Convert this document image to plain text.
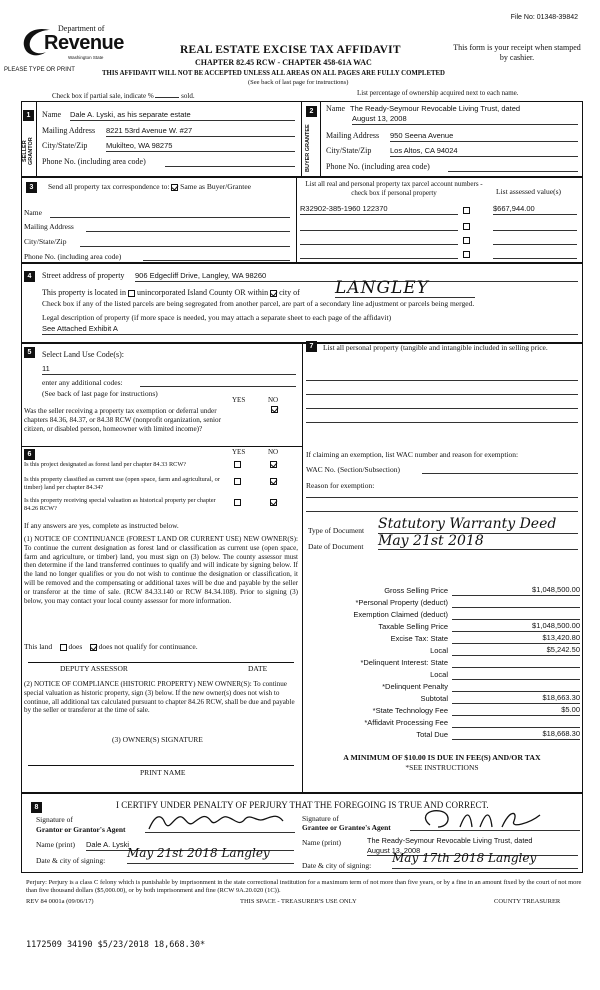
File No: 01348-39842
Department of
Revenue
Washington State
PLEASE TYPE OR PRINT
REAL ESTATE EXCISE TAX AFFIDAVIT
CHAPTER 82.45 RCW - CHAPTER 458-61A WAC
This form is your receipt when stamped by cashier.
THIS AFFIDAVIT WILL NOT BE ACCEPTED UNLESS ALL AREAS ON ALL PAGES ARE FULLY COMPLETED
(See back of last page for instructions)
Check box if partial sale, indicate %	sold.	List percentage of ownership acquired next to each name.
1
SELLER GRANTOR
2
BUYER GRANTEE
Name Dale A. Lyski, as his separate estate
Mailing Address 8221 53rd Avenue W. #27
City/State/Zip Mukilteo, WA 98275
Phone No. (including area code)
Name The Ready-Seymour Revocable Living Trust, dated
August 13, 2008
Mailing Address 950 Seena Avenue
City/State/Zip Los Altos, CA 94024
Phone No. (including area code)
3	Send all property tax correspondence to: Same as Buyer/Grantee
Name
Mailing Address
City/State/Zip
Phone No. (including area code)
List all real and personal property tax parcel account numbers - check box if personal property	List assessed value(s)
R32902-385-1960 122370	$667,944.00
4	Street address of property 906 Edgecliff Drive, Langley, WA 98260
This property is located in unincorporated Island County OR within city of LANGLEY
Check box if any of the listed parcels are being segregated from another parcel, are part of a secondary line adjustment or parcels being merged.
Legal description of property (if more space is needed, you may attach a separate sheet to each page of the affidavit)
See Attached Exhibit A
5	Select Land Use Code(s):
11
enter any additional codes:
(See back of last page for instructions)
YES	NO
Was the seller receiving a property tax exemption or deferral under chapters 84.36, 84.37, or 84.38 RCW (nonprofit organization, senior citizen, or disabled person, homeowner with limited income)?
6	YES	NO
Is this project designated as forest land per chapter 84.33 RCW?
Is this property classified as current use (open space, farm and agricultural, or timber) land per chapter 84.34?
Is this property receiving special valuation as historical property per chapter 84.26 RCW?
If any answers are yes, complete as instructed below.
(1) NOTICE OF CONTINUANCE (FOREST LAND OR CURRENT USE) NEW OWNER(S): To continue the current designation as forest land or classification as current use (open space, farm and agriculture, or timber) land, you must sign on (3) below. The county assessor must then determine if the land transferred continues to qualify and will indicate by signing below. If the land no longer qualifies or you do not wish to continue the designation or classification, it will be removed and the compensating or additional taxes will be due and payable by the seller or transferor at the time of sale. (RCW 84.33.140 or RCW 84.34.108). Prior to signing (3) below, you may contact your local county assessor for more information.
This land does does not qualify for continuance.
DEPUTY ASSESSOR	DATE
(2) NOTICE OF COMPLIANCE (HISTORIC PROPERTY) NEW OWNER(S): To continue special valuation as historic property, sign (3) below. If the new owner(s) does not wish to continue, all additional tax calculated pursuant to chapter 84.26 RCW, shall be due and payable by the seller or transferor at the time of sale.
(3) OWNER(S) SIGNATURE
PRINT NAME
7	List all personal property (tangible and intangible included in selling price.
If claiming an exemption, list WAC number and reason for exemption:
WAC No. (Section/Subsection)
Reason for exemption:
Type of Document Statutory Warranty Deed
Date of Document May 21st 2018
Gross Selling Price	$1,048,500.00
*Personal Property (deduct)
Exemption Claimed (deduct)
Taxable Selling Price	$1,048,500.00
Excise Tax: State	$13,420.80
Local	$5,242.50
*Delinquent Interest: State
Local
*Delinquent Penalty
Subtotal	$18,663.30
*State Technology Fee	$5.00
*Affidavit Processing Fee
Total Due	$18,668.30
A MINIMUM OF $10.00 IS DUE IN FEE(S) AND/OR TAX
*SEE INSTRUCTIONS
8	I CERTIFY UNDER PENALTY OF PERJURY THAT THE FOREGOING IS TRUE AND CORRECT.
Signature of
Grantor or Grantor's Agent
Name (print) Dale A. Lyski
Date & city of signing:
May 21st 2018 Langley
Signature of
Grantee or Grantee's Agent
Name (print)	The Ready-Seymour Revocable Living Trust, dated
August 13, 2008
Date & city of signing:
May 17th 2018 Langley
Perjury: Perjury is a class C felony which is punishable by imprisonment in the state correctional institution for a maximum term of not more than five years, or by a fine in an amount fixed by the court of not more than five thousand dollars ($5,000.00), or by both imprisonment and fine (RCW 9A.20.020 (1C)).
REV 84 0001a (09/06/17)	THIS SPACE - TREASURER'S USE ONLY	COUNTY TREASURER
1172509 34190 $5/23/2018 18,668.30*
